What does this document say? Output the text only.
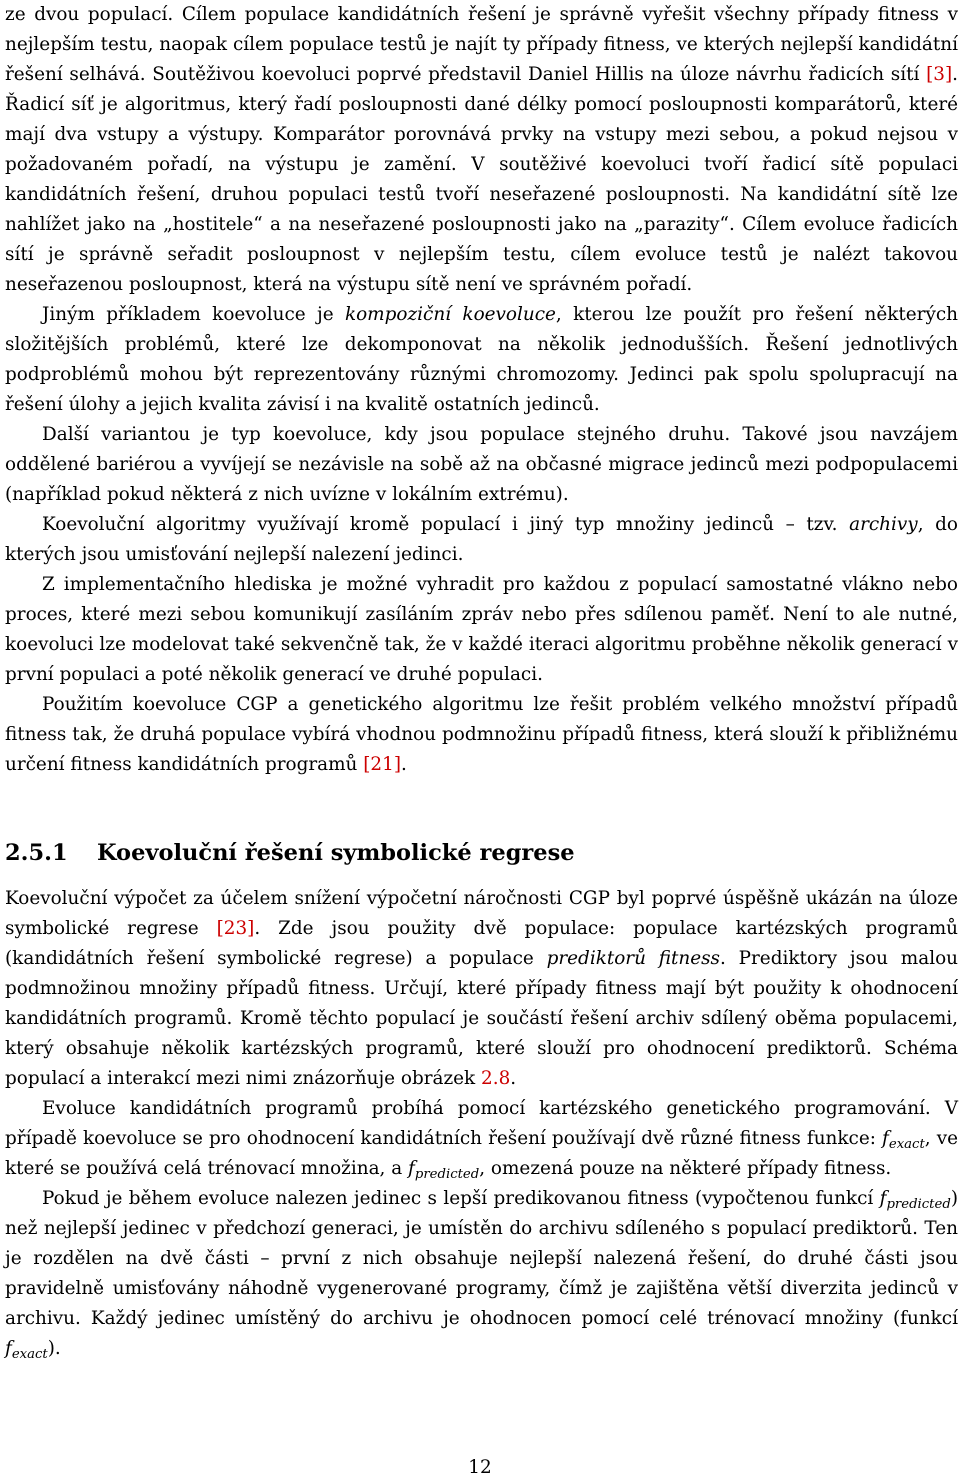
ze dvou populací. Cílem populace kandidátních řešení je správně vyřešit všechny případy fitness v nejlepším testu, naopak cílem populace testů je najít ty případy fitness, ve kterých nejlepší kandidátní řešení selhává. Soutěživou koevoluci poprvé představil Daniel Hillis na úloze návrhu řadicích sítí [3]. Řadicí síť je algoritmus, který řadí posloupnosti dané délky pomocí posloupnosti komparátorů, které mají dva vstupy a výstupy. Komparátor porovnává prvky na vstupy mezi sebou, a pokud nejsou v požadovaném pořadí, na výstupu je zamění. V soutěživé koevoluci tvoří řadicí sítě populaci kandidátních řešení, druhou populaci testů tvoří neseřazené posloupnosti. Na kandidátní sítě lze nahlížet jako na „hostitele“ a na neseřazené posloupnosti jako na „parazity“. Cílem evoluce řadicích sítí je správně seřadit posloupnost v nejlepším testu, cílem evoluce testů je nalézt takovou neseřazenou posloupnost, která na výstupu sítě není ve správném pořadí.

Jiným příkladem koevoluce je kompoziční koevoluce, kterou lze použít pro řešení některých složitějších problémů, které lze dekomponovat na několik jednodušších. Řešení jednotlivých podproblémů mohou být reprezentovány různými chromozomy. Jedinci pak spolu spolupracují na řešení úlohy a jejich kvalita závisí i na kvalitě ostatních jedinců.

Další variantou je typ koevoluce, kdy jsou populace stejného druhu. Takové jsou navzájem oddělené bariérou a vyvíjejí se nezávisle na sobě až na občasné migrace jedinců mezi podpopulacemi (například pokud některá z nich uvízne v lokálním extrému).

Koevoluční algoritmy využívají kromě populací i jiný typ množiny jedinců – tzv. archivy, do kterých jsou umisťování nejlepší nalezení jedinci.

Z implementačního hlediska je možné vyhradit pro každou z populací samostatné vlákno nebo proces, které mezi sebou komunikují zasíláním zpráv nebo přes sdílenou paměť. Není to ale nutné, koevoluci lze modelovat také sekvenčně tak, že v každé iteraci algoritmu proběhne několik generací v první populaci a poté několik generací ve druhé populaci.

Použitím koevoluce CGP a genetického algoritmu lze řešit problém velkého množství případů fitness tak, že druhá populace vybírá vhodnou podmnožinu případů fitness, která slouží k přibližnému určení fitness kandidátních programů [21].

2.5.1 Koevoluční řešení symbolické regrese

Koevoluční výpočet za účelem snížení výpočetní náročnosti CGP byl poprvé úspěšně ukázán na úloze symbolické regrese [23]. Zde jsou použity dvě populace: populace kartézských programů (kandidátních řešení symbolické regrese) a populace prediktorů fitness. Prediktory jsou malou podmnožinou množiny případů fitness. Určují, které případy fitness mají být použity k ohodnocení kandidátních programů. Kromě těchto populací je součástí řešení archiv sdílený oběma populacemi, který obsahuje několik kartézských programů, které slouží pro ohodnocení prediktorů. Schéma populací a interakcí mezi nimi znázorňuje obrázek 2.8.

Evoluce kandidátních programů probíhá pomocí kartézského genetického programování. V případě koevoluce se pro ohodnocení kandidátních řešení používají dvě různé fitness funkce: $f_{exact}$, ve které se používá celá trénovací množina, a $f_{predicted}$, omezená pouze na některé případy fitness.

Pokud je během evoluce nalezen jedinec s lepší predikovanou fitness (vypočtenou funkcí $f_{predicted}$) než nejlepší jedinec v předchozí generaci, je umístěn do archivu sdíleného s populací prediktorů. Ten je rozdělen na dvě části – první z nich obsahuje nejlepší nalezená řešení, do druhé části jsou pravidelně umisťovány náhodně vygenerované programy, čímž je zajištěna větší diverzita jedinců v archivu. Každý jedinec umístěný do archivu je ohodnocen pomocí celé trénovací množiny (funkcí $f_{exact}$).

12
